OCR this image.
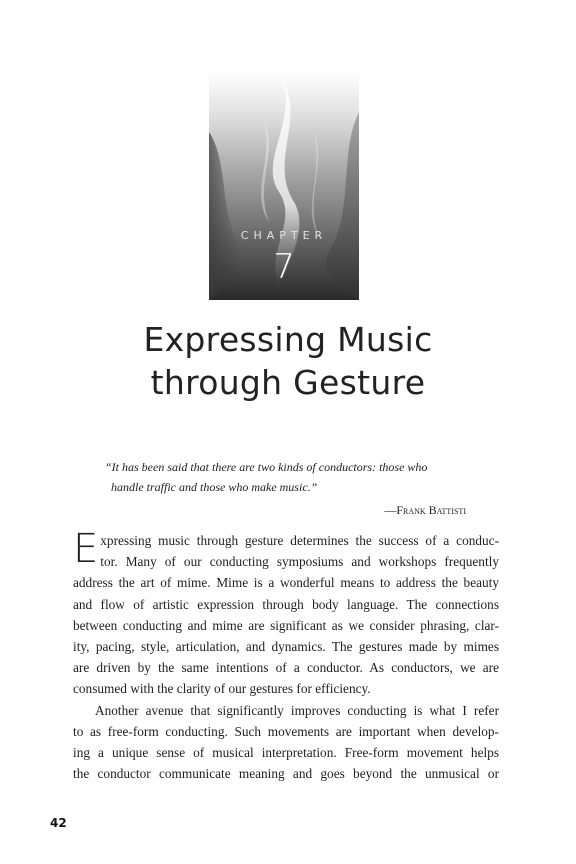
CHAPTER
7
Expressing Music
through Gesture
“It has been said that there are two kinds of conductors: those who
handle traffic and those who make music.”
—Frank Battisti
E xpressing music through gesture determines the success of a conduc-
tor. Many of our conducting symposiums and workshops frequently
address the art of mime. Mime is a wonderful means to address the beauty
and flow of artistic expression through body language. The connections
between conducting and mime are significant as we consider phrasing, clar-
ity, pacing, style, articulation, and dynamics. The gestures made by mimes
are driven by the same intentions of a conductor. As conductors, we are
consumed with the clarity of our gestures for efficiency.
Another avenue that significantly improves conducting is what I refer
to as free-form conducting. Such movements are important when develop-
ing a unique sense of musical interpretation. Free-form movement helps
the conductor communicate meaning and goes beyond the unmusical or
42
